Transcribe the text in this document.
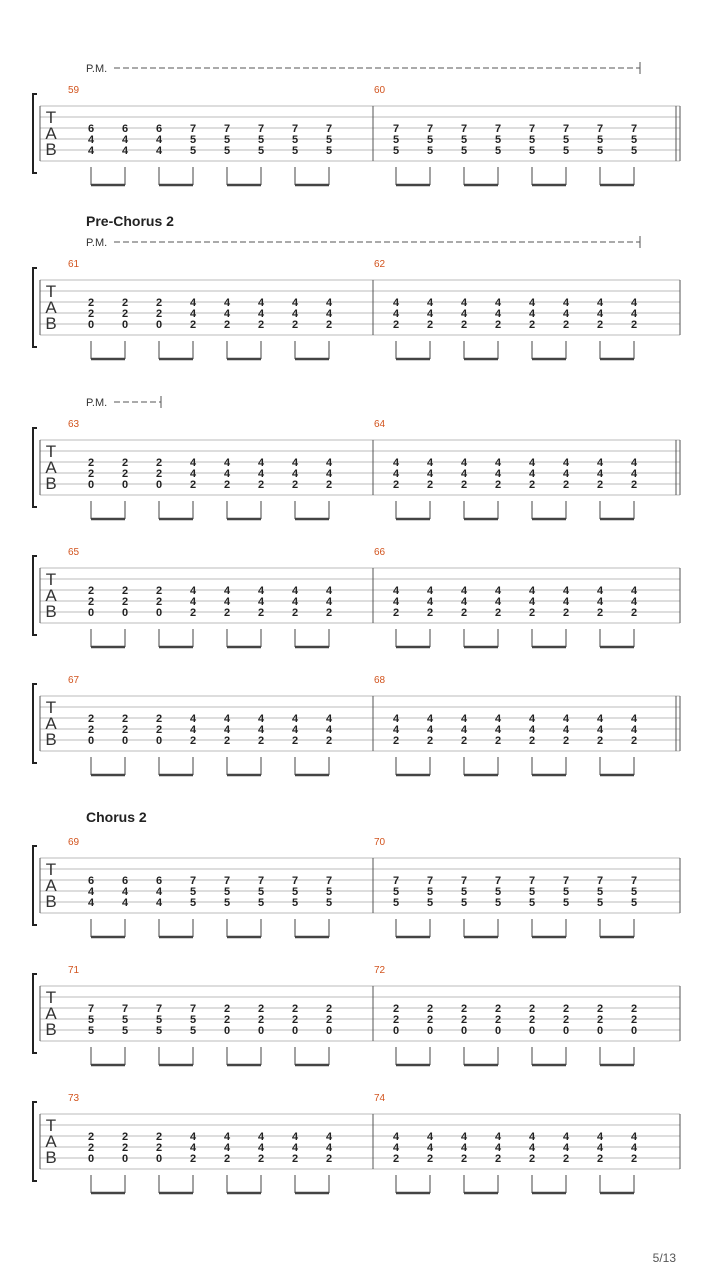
P.M.
T
A
B
59
6
4
4
6
4
4
6
4
4
7
5
5
7
5
5
7
5
5
7
5
5
7
5
5
60
7
5
5
7
5
5
7
5
5
7
5
5
7
5
5
7
5
5
7
5
5
7
5
5
Pre-Chorus 2
P.M.
T
A
B
61
2
2
0
2
2
0
2
2
0
4
4
2
4
4
2
4
4
2
4
4
2
4
4
2
62
4
4
2
4
4
2
4
4
2
4
4
2
4
4
2
4
4
2
4
4
2
4
4
2
P.M.
T
A
B
63
2
2
0
2
2
0
2
2
0
4
4
2
4
4
2
4
4
2
4
4
2
4
4
2
64
4
4
2
4
4
2
4
4
2
4
4
2
4
4
2
4
4
2
4
4
2
4
4
2
T
A
B
65
2
2
0
2
2
0
2
2
0
4
4
2
4
4
2
4
4
2
4
4
2
4
4
2
66
4
4
2
4
4
2
4
4
2
4
4
2
4
4
2
4
4
2
4
4
2
4
4
2
T
A
B
67
2
2
0
2
2
0
2
2
0
4
4
2
4
4
2
4
4
2
4
4
2
4
4
2
68
4
4
2
4
4
2
4
4
2
4
4
2
4
4
2
4
4
2
4
4
2
4
4
2
Chorus 2
T
A
B
69
6
4
4
6
4
4
6
4
4
7
5
5
7
5
5
7
5
5
7
5
5
7
5
5
70
7
5
5
7
5
5
7
5
5
7
5
5
7
5
5
7
5
5
7
5
5
7
5
5
T
A
B
71
7
5
5
7
5
5
7
5
5
7
5
5
2
2
0
2
2
0
2
2
0
2
2
0
72
2
2
0
2
2
0
2
2
0
2
2
0
2
2
0
2
2
0
2
2
0
2
2
0
T
A
B
73
2
2
0
2
2
0
2
2
0
4
4
2
4
4
2
4
4
2
4
4
2
4
4
2
74
4
4
2
4
4
2
4
4
2
4
4
2
4
4
2
4
4
2
4
4
2
4
4
2
5/13
